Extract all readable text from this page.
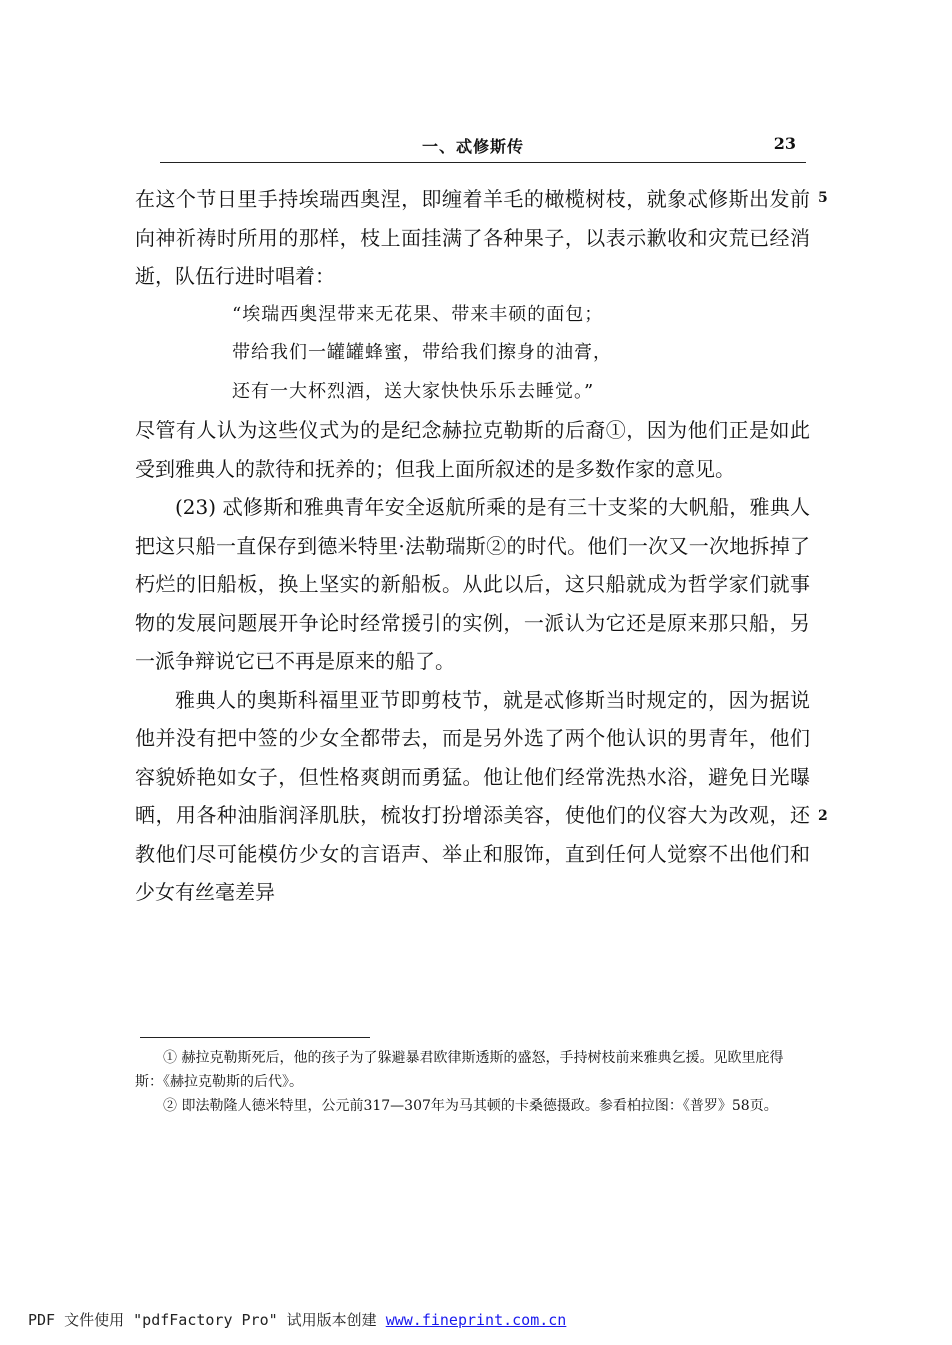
一、忒修斯传	23
5
2

在这个节日里手持埃瑞西奥涅，即缠着羊毛的橄榄树枝，就象忒修斯出发前向神祈祷时所用的那样，枝上面挂满了各种果子，以表示歉收和灾荒已经消逝，队伍行进时唱着：

“埃瑞西奥涅带来无花果、带来丰硕的面包；
带给我们一罐罐蜂蜜，带给我们擦身的油膏，
还有一大杯烈酒，送大家快快乐乐去睡觉。”

尽管有人认为这些仪式为的是纪念赫拉克勒斯的后裔①，因为他们正是如此受到雅典人的款待和抚养的；但我上面所叙述的是多数作家的意见。

(23) 忒修斯和雅典青年安全返航所乘的是有三十支桨的大帆船，雅典人把这只船一直保存到德米特里·法勒瑞斯②的时代。他们一次又一次地拆掉了朽烂的旧船板，换上坚实的新船板。从此以后，这只船就成为哲学家们就事物的发展问题展开争论时经常援引的实例，一派认为它还是原来那只船，另一派争辩说它已不再是原来的船了。

雅典人的奥斯科福里亚节即剪枝节，就是忒修斯当时规定的，因为据说他并没有把中签的少女全都带去，而是另外选了两个他认识的男青年，他们容貌娇艳如女子，但性格爽朗而勇猛。他让他们经常洗热水浴，避免日光曝晒，用各种油脂润泽肌肤，梳妆打扮增添美容，使他们的仪容大为改观，还教他们尽可能模仿少女的言语声、举止和服饰，直到任何人觉察不出他们和少女有丝毫差异

① 赫拉克勒斯死后，他的孩子为了躲避暴君欧律斯透斯的盛怒，手持树枝前来雅典乞援。见欧里庇得斯：《赫拉克勒斯的后代》。

② 即法勒隆人德米特里，公元前317—307年为马其顿的卡桑德摄政。参看柏拉图：《普罗》58页。

PDF 文件使用 "pdfFactory Pro" 试用版本创建 www.fineprint.com.cn
